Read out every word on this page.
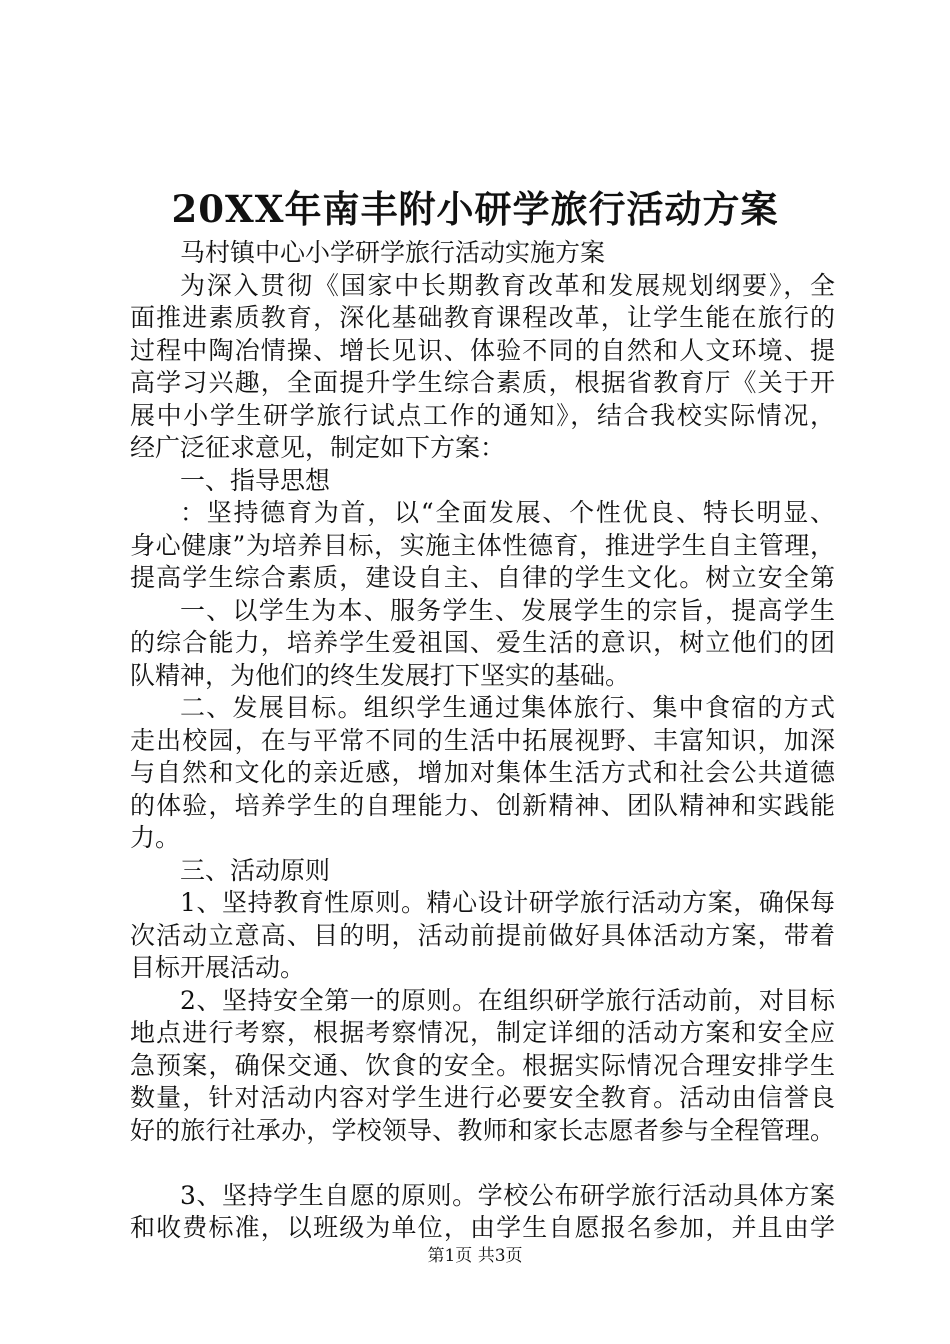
20XX年南丰附小研学旅行活动方案
马村镇中心小学研学旅行活动实施方案
为深入贯彻《国家中长期教育改革和发展规划纲要》，全
面推进素质教育，深化基础教育课程改革，让学生能在旅行的
过程中陶冶情操、增长见识、体验不同的自然和人文环境、提
高学习兴趣，全面提升学生综合素质，根据省教育厅《关于开
展中小学生研学旅行试点工作的通知》，结合我校实际情况，
经广泛征求意见，制定如下方案：
一、指导思想
：坚持德育为首，以“全面发展、个性优良、特长明显、
身心健康”为培养目标，实施主体性德育，推进学生自主管理，
提高学生综合素质，建设自主、自律的学生文化。树立安全第
一、以学生为本、服务学生、发展学生的宗旨，提高学生
的综合能力，培养学生爱祖国、爱生活的意识，树立他们的团
队精神，为他们的终生发展打下坚实的基础。
二、发展目标。组织学生通过集体旅行、集中食宿的方式
走出校园，在与平常不同的生活中拓展视野、丰富知识，加深
与自然和文化的亲近感，增加对集体生活方式和社会公共道德
的体验，培养学生的自理能力、创新精神、团队精神和实践能
力。
三、活动原则
1、坚持教育性原则。精心设计研学旅行活动方案，确保每
次活动立意高、目的明，活动前提前做好具体活动方案，带着
目标开展活动。
2、坚持安全第一的原则。在组织研学旅行活动前，对目标
地点进行考察，根据考察情况，制定详细的活动方案和安全应
急预案，确保交通、饮食的安全。根据实际情况合理安排学生
数量，针对活动内容对学生进行必要安全教育。活动由信誉良
好的旅行社承办，学校领导、教师和家长志愿者参与全程管理。
3、坚持学生自愿的原则。学校公布研学旅行活动具体方案
和收费标准，以班级为单位，由学生自愿报名参加，并且由学
第1页 共3页
